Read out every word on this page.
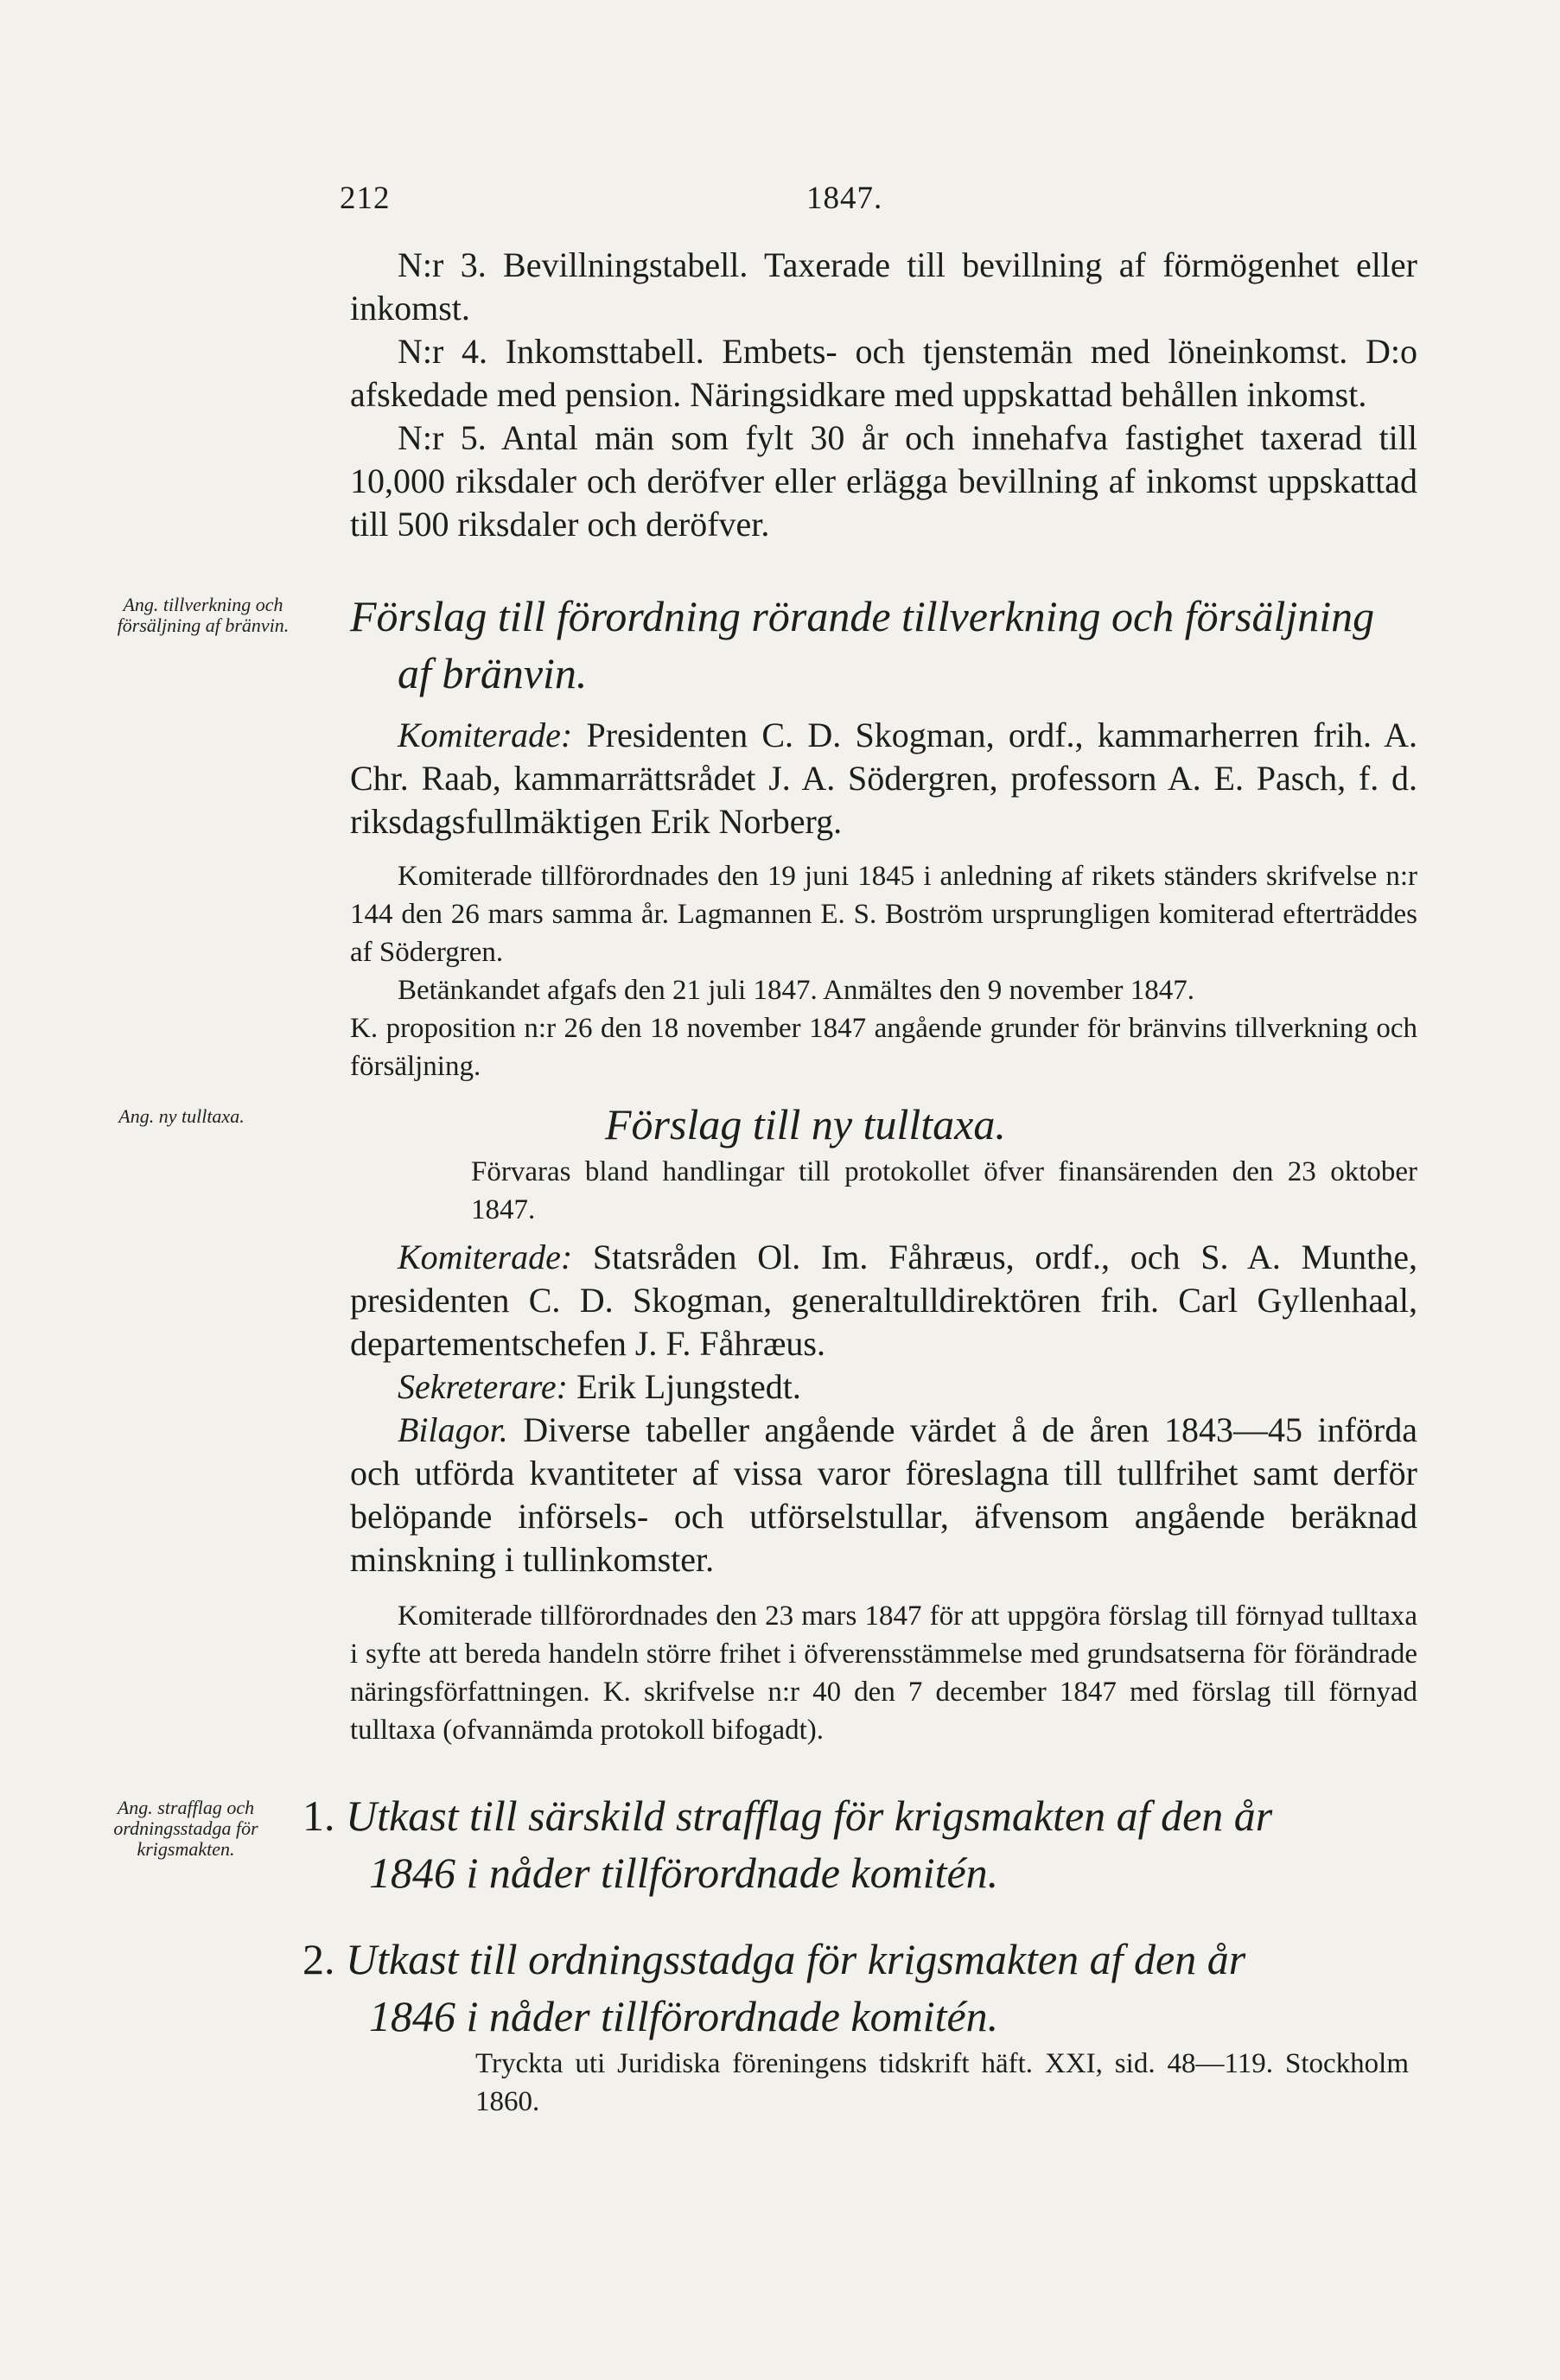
212	1847.

N:r 3. Bevillningstabell. Taxerade till bevillning af förmögenhet eller inkomst.

N:r 4. Inkomsttabell. Embets- och tjenstemän med löneinkomst. D:o afskedade med pension. Näringsidkare med uppskattad behållen inkomst.

N:r 5. Antal män som fylt 30 år och innehafva fastighet taxerad till 10,000 riksdaler och deröfver eller erlägga bevillning af inkomst uppskattad till 500 riksdaler och deröfver.

Ang. tillverkning och försäljning af bränvin.	Förslag till förordning rörande tillverkning och försäljning
af bränvin.

Komiterade: Presidenten C. D. Skogman, ordf., kammarherren frih. A. Chr. Raab, kammarrättsrådet J. A. Södergren, professorn A. E. Pasch, f. d. riksdagsfullmäktigen Erik Norberg.

Komiterade tillförordnades den 19 juni 1845 i anledning af rikets ständers skrifvelse n:r 144 den 26 mars samma år. Lagmannen E. S. Boström ursprungligen komiterad efterträddes af Södergren.

Betänkandet afgafs den 21 juli 1847. Anmältes den 9 november 1847.

K. proposition n:r 26 den 18 november 1847 angående grunder för bränvins tillverkning och försäljning.

Ang. ny tulltaxa.	Förslag till ny tulltaxa.

Förvaras bland handlingar till protokollet öfver finansärenden den 23 oktober 1847.

Komiterade: Statsråden Ol. Im. Fåhræus, ordf., och S. A. Munthe, presidenten C. D. Skogman, generaltulldirektören frih. Carl Gyllenhaal, departementschefen J. F. Fåhræus.

Sekreterare: Erik Ljungstedt.

Bilagor. Diverse tabeller angående värdet å de åren 1843—45 införda och utförda kvantiteter af vissa varor föreslagna till tullfrihet samt derför belöpande införsels- och utförselstullar, äfvensom angående beräknad minskning i tullinkomster.

Komiterade tillförordnades den 23 mars 1847 för att uppgöra förslag till förnyad tulltaxa i syfte att bereda handeln större frihet i öfverensstämmelse med grundsatserna för förändrade näringsförfattningen. K. skrifvelse n:r 40 den 7 december 1847 med förslag till förnyad tulltaxa (ofvannämda protokoll bifogadt).

Ang. strafflag och ordningsstadga för krigsmakten.

1. Utkast till särskild strafflag för krigsmakten af den år
1846 i nåder tillförordnade komitén.

2. Utkast till ordningsstadga för krigsmakten af den år
1846 i nåder tillförordnade komitén.

Tryckta uti Juridiska föreningens tidskrift häft. XXI, sid. 48—119. Stockholm 1860.
